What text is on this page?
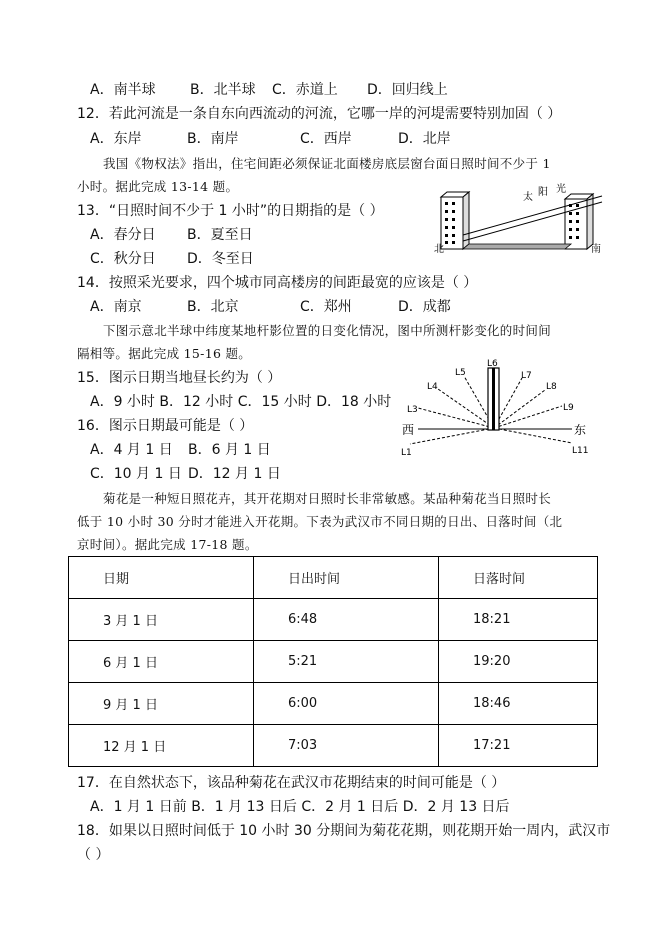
A．南半球 B．北半球 C．赤道上 D．回归线上
12．若此河流是一条自东向西流动的河流，它哪一岸的河堤需要特别加固（ ）
A．东岸	B．南岸	C．西岸	D．北岸
我国《物权法》指出，住宅间距必须保证北面楼房底层窗台面日照时间不少于 1
小时。据此完成 13-14 题。
13．“日照时间不少于 1 小时”的日期指的是（ ）
A．春分日 B．夏至日
C．秋分日 D．冬至日
太 阳 光
北	南
14．按照采光要求，四个城市同高楼房的间距最宽的应该是（ ）
A．南京	B．北京	C．郑州	D．成都
下图示意北半球中纬度某地杆影位置的日变化情况，图中所测杆影变化的时间间
隔相等。据此完成 15-16 题。
15．图示日期当地昼长约为（ ）
A．9 小时 B．12 小时 C．15 小时 D．18 小时
16．图示日期最可能是（ ）
A．4 月 1 日 B．6 月 1 日
C．10 月 1 日 D．12 月 1 日
L6
L5	L7
L4	L8
L3	L9
西	东
L1	L11
菊花是一种短日照花卉，其开花期对日照时长非常敏感。某品种菊花当日照时长
低于 10 小时 30 分时才能进入开花期。下表为武汉市不同日期的日出、日落时间（北
京时间）。据此完成 17-18 题。
日期	日出时间	日落时间
3 月 1 日	6:48	18:21
6 月 1 日	5:21	19:20
9 月 1 日	6:00	18:46
12 月 1 日	7:03	17:21
17．在自然状态下，该品种菊花在武汉市花期结束的时间可能是（ ）
A．1 月 1 日前 B．1 月 13 日后 C．2 月 1 日后 D．2 月 13 日后
18．如果以日照时间低于 10 小时 30 分期间为菊花花期，则花期开始一周内，武汉市
（ ）
